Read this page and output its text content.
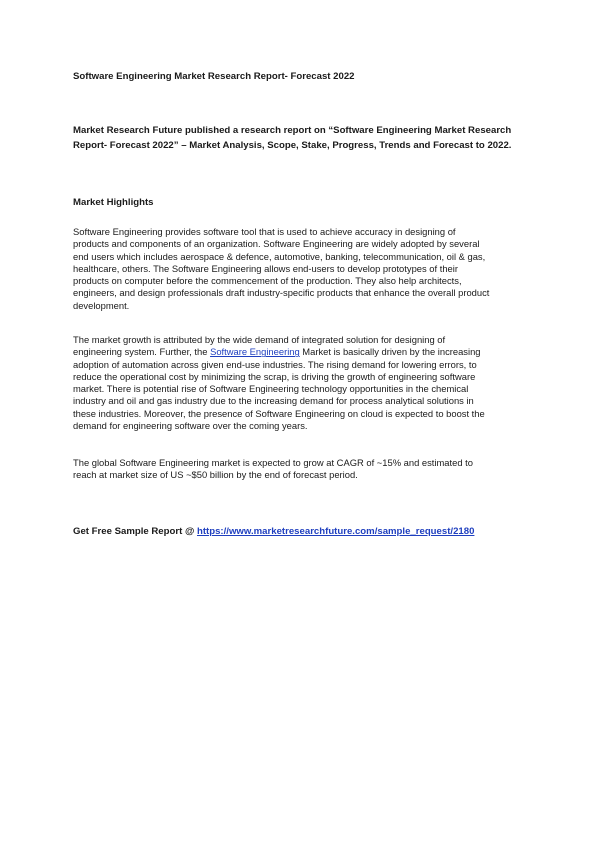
Software Engineering Market Research Report- Forecast 2022
Market Research Future published a research report on “Software Engineering Market Research
Report- Forecast 2022” – Market Analysis, Scope, Stake, Progress, Trends and Forecast to 2022.
Market Highlights
Software Engineering provides software tool that is used to achieve accuracy in designing of
products and components of an organization. Software Engineering are widely adopted by several
end users which includes aerospace & defence, automotive, banking, telecommunication, oil & gas,
healthcare, others. The Software Engineering allows end-users to develop prototypes of their
products on computer before the commencement of the production. They also help architects,
engineers, and design professionals draft industry-specific products that enhance the overall product
development.
The market growth is attributed by the wide demand of integrated solution for designing of
engineering system. Further, the Software Engineering Market is basically driven by the increasing
adoption of automation across given end-use industries. The rising demand for lowering errors, to
reduce the operational cost by minimizing the scrap, is driving the growth of engineering software
market. There is potential rise of Software Engineering technology opportunities in the chemical
industry and oil and gas industry due to the increasing demand for process analytical solutions in
these industries. Moreover, the presence of Software Engineering on cloud is expected to boost the
demand for engineering software over the coming years.
The global Software Engineering market is expected to grow at CAGR of ~15% and estimated to
reach at market size of US ~$50 billion by the end of forecast period.
Get Free Sample Report @ https://www.marketresearchfuture.com/sample_request/2180
